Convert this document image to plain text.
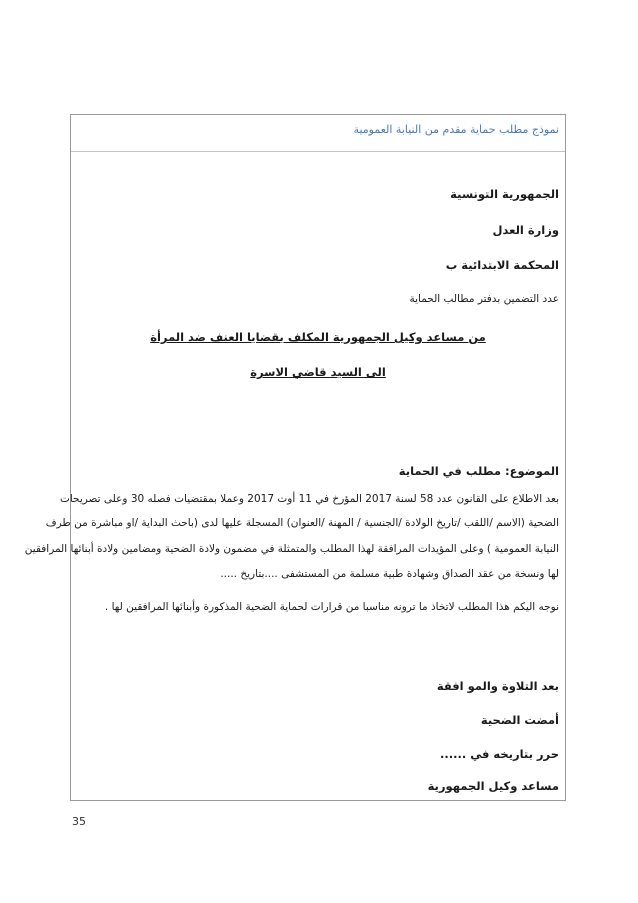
نموذج مطلب حماية مقدم من النيابة العمومية
الجمهورية التونسية
وزارة العدل
المحكمة الابتدائية ب
عدد التضمين بدفتر مطالب الحماية
من مساعد وكيل الجمهورية المكلف بقضايا العنف ضد المرأة
الى السيد قاضي الاسرة
الموضوع: مطلب في الحماية
بعد الاطلاع على القانون عدد 58 لسنة 2017 المؤرخ في 11 أوت 2017 وعملا بمقتضيات فصله 30 وعلى تصريحات
الضحية (الاسم /اللقب /تاريخ الولادة /الجنسية / المهنة /العنوان) المسجلة عليها لدى (باحث البداية /او مباشرة من طرف
النيابة العمومية ) وعلى المؤيدات المرافقة لهذا المطلب والمتمثلة في مضمون ولادة الضحية ومضامين ولادة أبنائها المرافقين
لها ونسخة من عقد الصداق وشهادة طبية مسلمة من المستشفى ....بتاريخ .....
نوجه اليكم هذا المطلب لاتخاذ ما ترونه مناسبا من قرارات لحماية الضحية المذكورة وأبنائها المرافقين لها .
بعد التلاوة والمو افقة
أمضت الضحية
حرر بتاريخه في ......
مساعد وكيل الجمهورية
35
